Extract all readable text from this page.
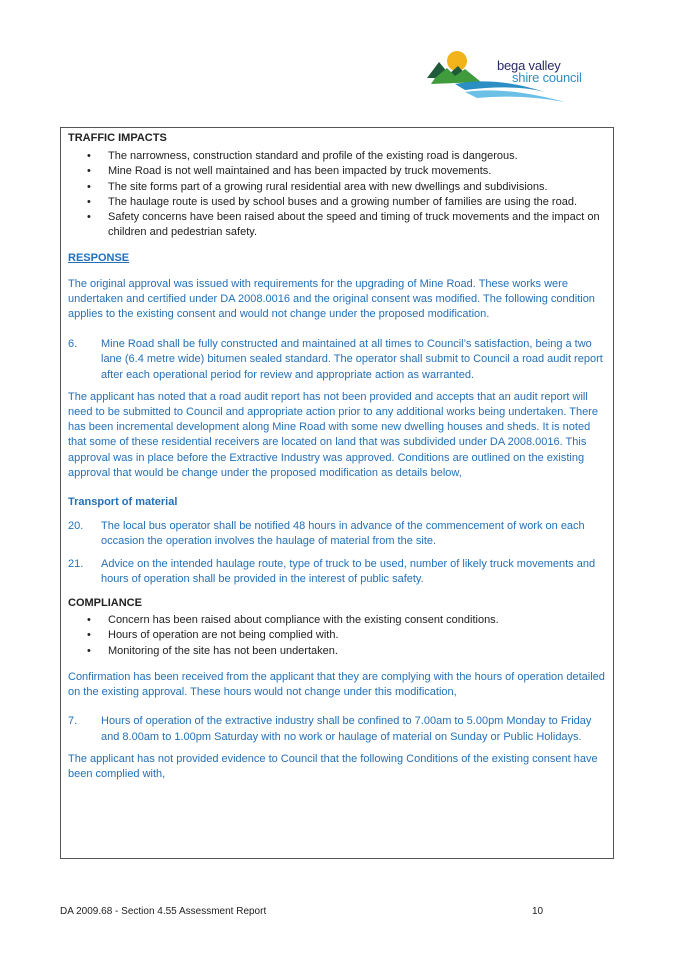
bega valley
shire council

TRAFFIC IMPACTS

• The narrowness, construction standard and profile of the existing road is dangerous.
• Mine Road is not well maintained and has been impacted by truck movements.
• The site forms part of a growing rural residential area with new dwellings and subdivisions.
• The haulage route is used by school buses and a growing number of families are using the road.
• Safety concerns have been raised about the speed and timing of truck movements and the impact on children and pedestrian safety.

RESPONSE

The original approval was issued with requirements for the upgrading of Mine Road. These works were undertaken and certified under DA 2008.0016 and the original consent was modified. The following condition applies to the existing consent and would not change under the proposed modification.

6.	Mine Road shall be fully constructed and maintained at all times to Council’s satisfaction, being a two lane (6.4 metre wide) bitumen sealed standard. The operator shall submit to Council a road audit report after each operational period for review and appropriate action as warranted.

The applicant has noted that a road audit report has not been provided and accepts that an audit report will need to be submitted to Council and appropriate action prior to any additional works being undertaken. There has been incremental development along Mine Road with some new dwelling houses and sheds. It is noted that some of these residential receivers are located on land that was subdivided under DA 2008.0016. This approval was in place before the Extractive Industry was approved. Conditions are outlined on the existing approval that would be change under the proposed modification as details below,

Transport of material

20.	The local bus operator shall be notified 48 hours in advance of the commencement of work on each occasion the operation involves the haulage of material from the site.
21.	Advice on the intended haulage route, type of truck to be used, number of likely truck movements and hours of operation shall be provided in the interest of public safety.

COMPLIANCE

• Concern has been raised about compliance with the existing consent conditions.
• Hours of operation are not being complied with.
• Monitoring of the site has not been undertaken.

Confirmation has been received from the applicant that they are complying with the hours of operation detailed on the existing approval. These hours would not change under this modification,

7.	Hours of operation of the extractive industry shall be confined to 7.00am to 5.00pm Monday to Friday and 8.00am to 1.00pm Saturday with no work or haulage of material on Sunday or Public Holidays.

The applicant has not provided evidence to Council that the following Conditions of the existing consent have been complied with,

DA 2009.68 - Section 4.55 Assessment Report	10
